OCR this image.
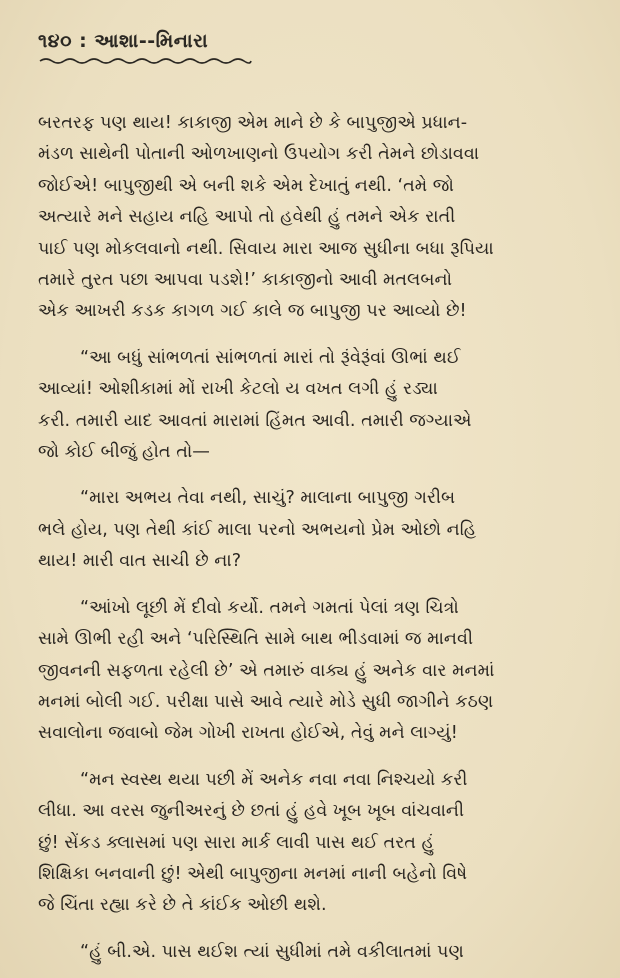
૧૪૦ : આશા--મિનારા

બરતરફ પણ થાય! કાકાજી એમ માને છે કે બાપુજીએ પ્રધાન-
મંડળ સાથેની પોતાની ઓળખાણનો ઉપયોગ કરી તેમને છોડાવવા
જોઈએ! બાપુજીથી એ બની શકે એમ દેખાતું નથી. ‘તમે જો
અત્યારે મને સહાય નહિ આપો તો હવેથી હું તમને એક રાતી
પાઈ પણ મોકલવાનો નથી. સિવાય મારા આજ સુધીના બધા રૂપિયા
તમારે તુરત પછા આપવા પડશે!’ કાકાજીનો આવી મતલબનો
એક આખરી કડક કાગળ ગઈ કાલે જ બાપુજી પર આવ્યો છે!

“આ બધું સાંભળતાં સાંભળતાં મારાં તો રૂંવેરૂંવાં ઊભાં થઈ
આવ્યાં! ઓશીકામાં મોં રાખી કેટલો ય વખત લગી હું રડ્યા
કરી. તમારી યાદ આવતાં મારામાં હિંમત આવી. તમારી જગ્યાએ
જો કોઈ બીજું હોત તો—

“મારા અભય તેવા નથી, સાચું? માલાના બાપુજી ગરીબ
ભલે હોય, પણ તેથી કાંઈ માલા પરનો અભયનો પ્રેમ ઓછો નહિ
થાય! મારી વાત સાચી છે ના?

“આંખો લૂછી મેં દીવો કર્યો. તમને ગમતાં પેલાં ત્રણ ચિત્રો
સામે ઊભી રહી અને ‘પરિસ્થિતિ સામે બાથ ભીડવામાં જ માનવી
જીવનની સફળતા રહેલી છે’ એ તમારું વાક્ય હું અનેક વાર મનમાં
મનમાં બોલી ગઈ. પરીક્ષા પાસે આવે ત્યારે મોડે સુધી જાગીને કઠણ
સવાલોના જવાબો જેમ ગોખી રાખતા હોઈએ, તેવું મને લાગ્યું!

“મન સ્વસ્થ થયા પછી મેં અનેક નવા નવા નિશ્ચયો કરી
લીધા. આ વરસ જુનીઅરનું છે છતાં હું હવે ખૂબ ખૂબ વાંચવાની
છું! સેંકડ ક્લાસમાં પણ સારા માર્ક લાવી પાસ થઈ તરત હું
શિક્ષિકા બનવાની છું! એથી બાપુજીના મનમાં નાની બહેનો વિષે
જે ચિંતા રહ્યા કરે છે તે કાંઈક ઓછી થશે.

“હું બી.એ. પાસ થઈશ ત્યાં સુધીમાં તમે વકીલાતમાં પણ
